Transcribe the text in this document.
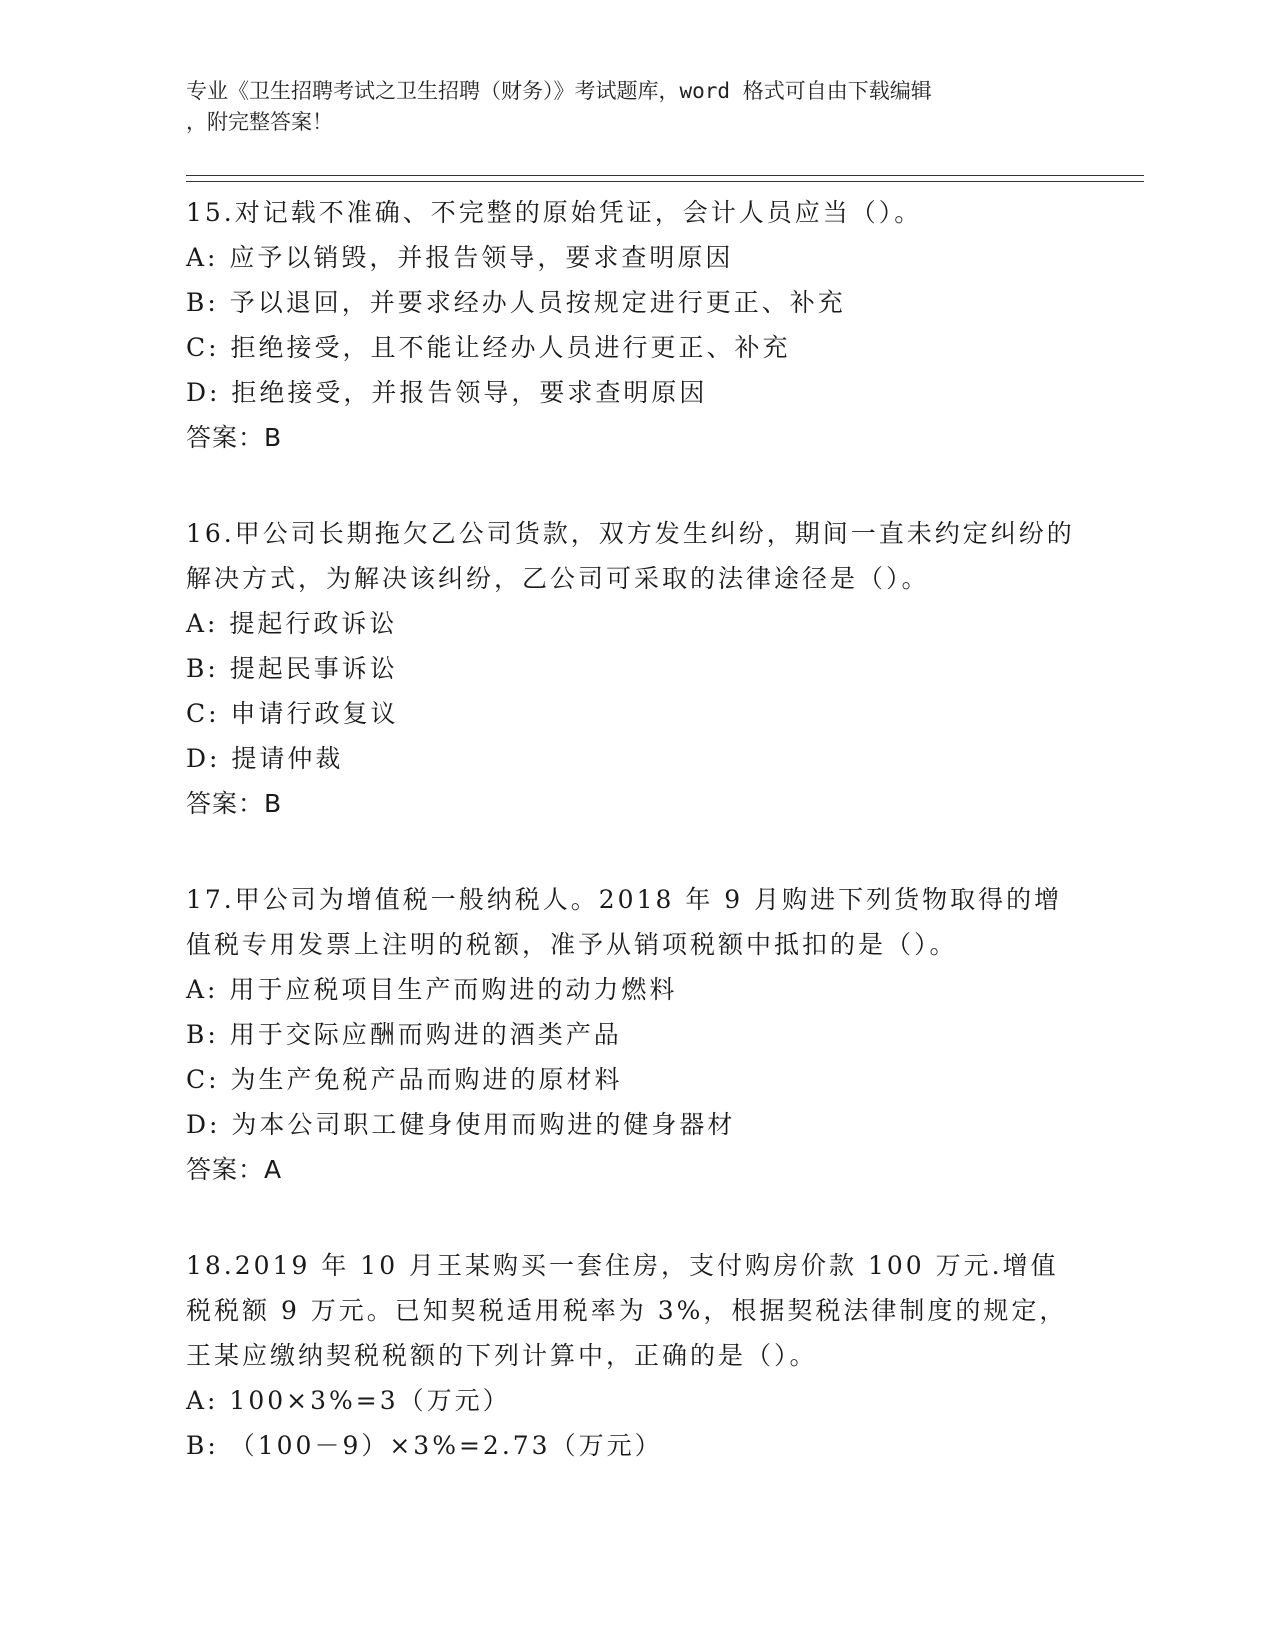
专业《卫生招聘考试之卫生招聘（财务）》考试题库，word 格式可自由下载编辑
，附完整答案！

15.对记载不准确、不完整的原始凭证，会计人员应当（）。

A: 应予以销毁，并报告领导，要求查明原因

B: 予以退回，并要求经办人员按规定进行更正、补充

C: 拒绝接受，且不能让经办人员进行更正、补充

D: 拒绝接受，并报告领导，要求查明原因

答案：B

16.甲公司长期拖欠乙公司货款，双方发生纠纷，期间一直未约定纠纷的解决方式，为解决该纠纷，乙公司可采取的法律途径是（）。

A: 提起行政诉讼

B: 提起民事诉讼

C: 申请行政复议

D: 提请仲裁

答案：B

17.甲公司为增值税一般纳税人。2018 年 9 月购进下列货物取得的增值税专用发票上注明的税额，准予从销项税额中抵扣的是（）。

A: 用于应税项目生产而购进的动力燃料

B: 用于交际应酬而购进的酒类产品

C: 为生产免税产品而购进的原材料

D: 为本公司职工健身使用而购进的健身器材

答案：A

18.2019 年 10 月王某购买一套住房，支付购房价款 100 万元.增值税税额 9 万元。已知契税适用税率为 3%，根据契税法律制度的规定，王某应缴纳契税税额的下列计算中，正确的是（）。

A: 100×3%=3（万元）

B: （100－9）×3%=2.73（万元）
